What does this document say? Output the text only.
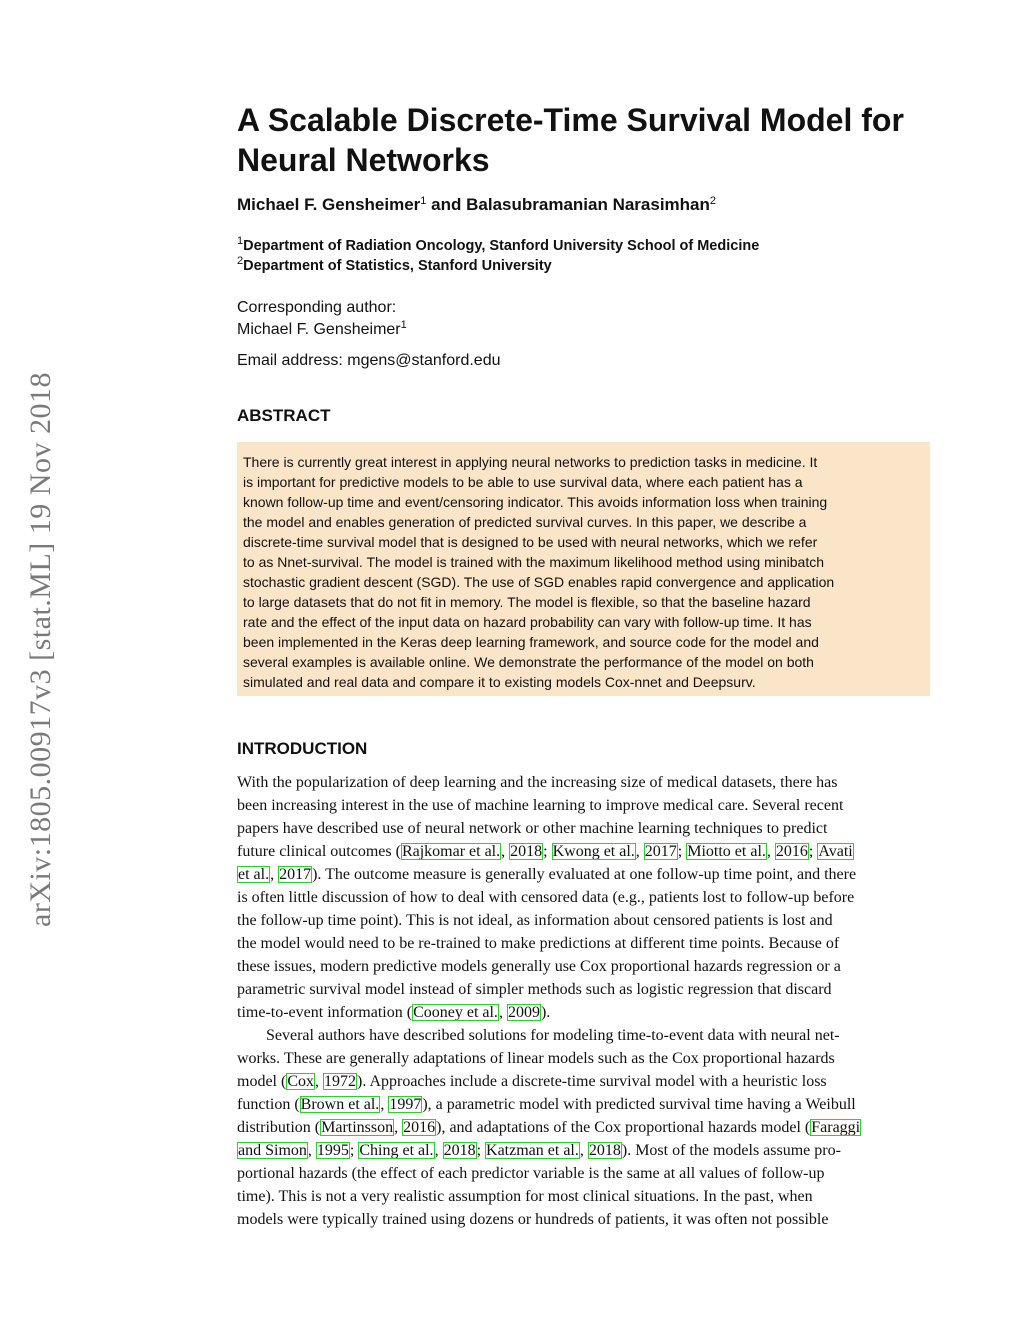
arXiv:1805.00917v3 [stat.ML] 19 Nov 2018
A Scalable Discrete-Time Survival Model for
Neural Networks

Michael F. Gensheimer$^1$ and Balasubramanian Narasimhan$^2$

$^1$Department of Radiation Oncology, Stanford University School of Medicine
$^2$Department of Statistics, Stanford University
Corresponding author:
Michael F. Gensheimer$^1$
Email address: mgens@stanford.edu
ABSTRACT
There is currently great interest in applying neural networks to prediction tasks in medicine. It
is important for predictive models to be able to use survival data, where each patient has a
known follow-up time and event/censoring indicator. This avoids information loss when training
the model and enables generation of predicted survival curves. In this paper, we describe a
discrete-time survival model that is designed to be used with neural networks, which we refer
to as Nnet-survival. The model is trained with the maximum likelihood method using minibatch
stochastic gradient descent (SGD). The use of SGD enables rapid convergence and application
to large datasets that do not fit in memory. The model is flexible, so that the baseline hazard
rate and the effect of the input data on hazard probability can vary with follow-up time. It has
been implemented in the Keras deep learning framework, and source code for the model and
several examples is available online. We demonstrate the performance of the model on both
simulated and real data and compare it to existing models Cox-nnet and Deepsurv.
INTRODUCTION
With the popularization of deep learning and the increasing size of medical datasets, there has
been increasing interest in the use of machine learning to improve medical care. Several recent
papers have described use of neural network or other machine learning techniques to predict
future clinical outcomes (Rajkomar et al., 2018; Kwong et al., 2017; Miotto et al., 2016; Avati
et al., 2017). The outcome measure is generally evaluated at one follow-up time point, and there
is often little discussion of how to deal with censored data (e.g., patients lost to follow-up before
the follow-up time point). This is not ideal, as information about censored patients is lost and
the model would need to be re-trained to make predictions at different time points. Because of
these issues, modern predictive models generally use Cox proportional hazards regression or a
parametric survival model instead of simpler methods such as logistic regression that discard
time-to-event information (Cooney et al., 2009).
Several authors have described solutions for modeling time-to-event data with neural net-
works. These are generally adaptations of linear models such as the Cox proportional hazards
model (Cox, 1972). Approaches include a discrete-time survival model with a heuristic loss
function (Brown et al., 1997), a parametric model with predicted survival time having a Weibull
distribution (Martinsson, 2016), and adaptations of the Cox proportional hazards model (Faraggi
and Simon, 1995; Ching et al., 2018; Katzman et al., 2018). Most of the models assume pro-
portional hazards (the effect of each predictor variable is the same at all values of follow-up
time). This is not a very realistic assumption for most clinical situations. In the past, when
models were typically trained using dozens or hundreds of patients, it was often not possible
